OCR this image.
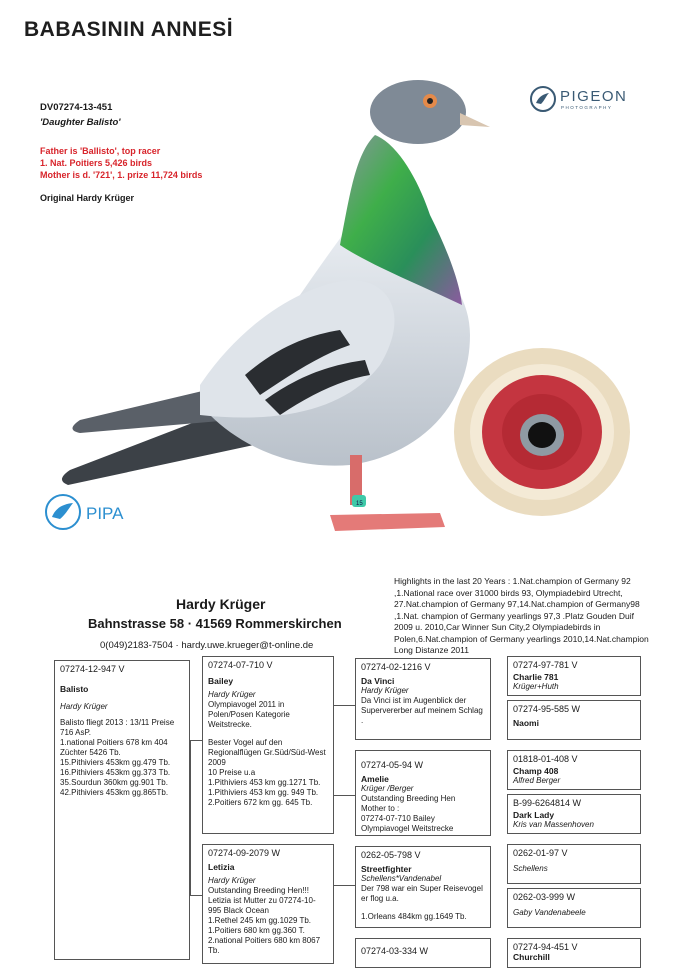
BABASININ ANNESİ
DV07274-13-451
'Daughter Balisto'
Father is 'Ballisto', top racer
1. Nat. Poitiers 5,426 birds
Mother is d. '721', 1. prize 11,724 birds
Original Hardy Krüger
PIGEON
PHOTOGRAPHY
15
PIPA
Hardy Krüger
Bahnstrasse 58 · 41569 Rommerskirchen
0(049)2183-7504 · hardy.uwe.krueger@t-online.de
Highlights in the last 20 Years : 1.Nat.champion of Germany 92 ,1.National race over 31000 birds 93, Olympiadebird Utrecht, 27.Nat.champion of Germany 97,14.Nat.champion of Germany98 ,1.Nat. champion of Germany yearlings 97,3 .Platz Gouden Duif 2009 u. 2010,Car Winner Sun City,2 Olympiadebirds in Polen,6.Nat.champion of Germany yearlings 2010,14.Nat.champion Long Distanze 2011
07274-12-947 V
Balisto
Hardy Krüger
Balisto fliegt 2013 : 13/11 Preise 716 AsP.
1.national Poitiers 678 km 404 Züchter 5426 Tb.
15.Pithiviers 453km gg.479 Tb.
16.Pithiviers 453km gg.373 Tb.
35.Sourdun 360km gg.901 Tb.
42.Pithiviers 453km gg.865Tb.
07274-07-710 V
Bailey
Hardy Krüger
Olympiavogel 2011 in Polen/Posen Kategorie Weitstrecke.
Bester Vogel auf den Regionalflügen Gr.Süd/Süd-West 2009
10 Preise u.a
1.Pithiviers 453 km gg.1271 Tb.
1.Pithiviers 453 km gg. 949 Tb.
2.Poitiers 672 km gg. 645 Tb.
07274-09-2079 W
Letizia
Hardy Krüger
Outstanding Breeding Hen!!!
Letizia ist Mutter zu 07274-10-995 Black Ocean
1.Rethel 245 km gg.1029 Tb.
1.Poitiers 680 km gg.360 T.
2.national Poitiers 680 km 8067 Tb.
07274-02-1216 V
Da Vinci
Hardy Krüger
Da Vinci ist im Augenblick der Supervererber auf meinem Schlag .
07274-05-94 W
Amelie
Krüger /Berger
Outstanding Breeding Hen
Mother to :
07274-07-710 Bailey
Olympiavogel Weitstrecke
0262-05-798 V
Streetfighter
Schellens*Vandenabel
Der 798 war ein Super Reisevogel er flog u.a.
1.Orleans 484km gg.1649 Tb.
07274-03-334 W
07274-97-781 V
Charlie 781
Krüger+Huth
07274-95-585 W
Naomi
01818-01-408 V
Champ 408
Alfred Berger
B-99-6264814 W
Dark Lady
Kris van Massenhoven
0262-01-97 V
Schellens
0262-03-999 W
Gaby Vandenabeele
07274-94-451 V
Churchill
